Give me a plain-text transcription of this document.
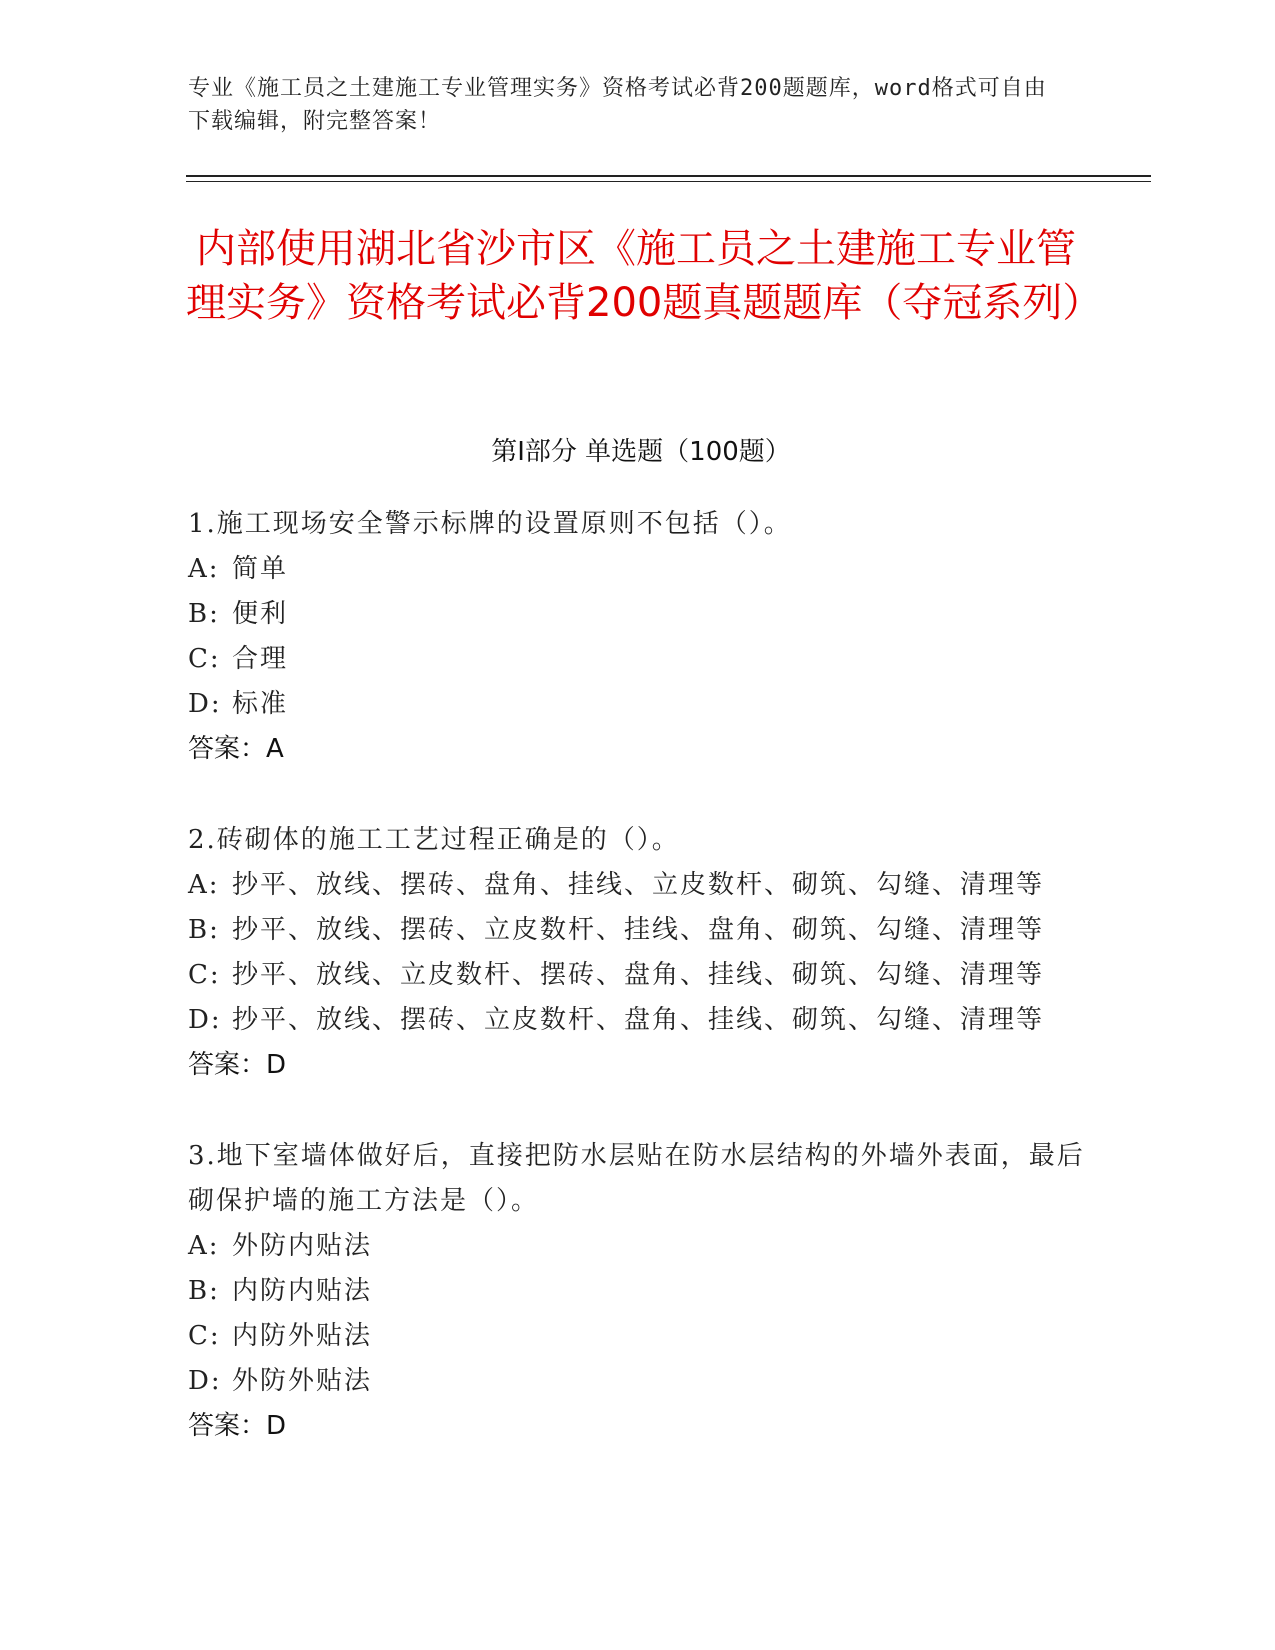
专业《施工员之土建施工专业管理实务》资格考试必背200题题库，word格式可自由下载编辑，附完整答案！
内部使用湖北省沙市区《施工员之土建施工专业管理实务》资格考试必背200题真题题库（夺冠系列）
第Ⅰ部分 单选题（100题）
1.施工现场安全警示标牌的设置原则不包括（）。
A: 简单
B: 便利
C: 合理
D: 标准
答案：A
2.砖砌体的施工工艺过程正确是的（）。
A: 抄平、放线、摆砖、盘角、挂线、立皮数杆、砌筑、勾缝、清理等
B: 抄平、放线、摆砖、立皮数杆、挂线、盘角、砌筑、勾缝、清理等
C: 抄平、放线、立皮数杆、摆砖、盘角、挂线、砌筑、勾缝、清理等
D: 抄平、放线、摆砖、立皮数杆、盘角、挂线、砌筑、勾缝、清理等
答案：D
3.地下室墙体做好后，直接把防水层贴在防水层结构的外墙外表面，最后砌保护墙的施工方法是（）。
A: 外防内贴法
B: 内防内贴法
C: 内防外贴法
D: 外防外贴法
答案：D
